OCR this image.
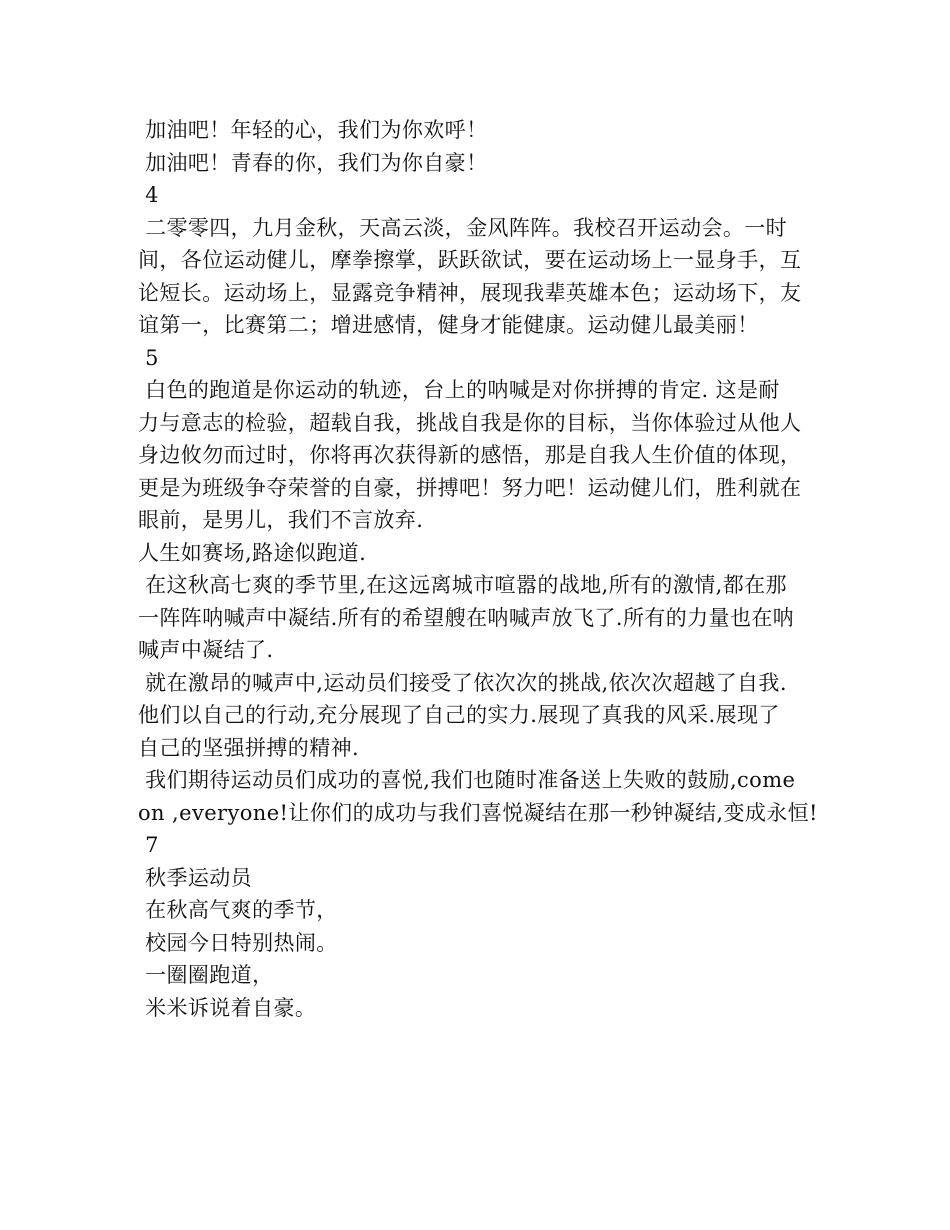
加油吧！年轻的心，我们为你欢呼！
加油吧！青春的你，我们为你自豪！
4
二零零四，九月金秋，天高云淡，金风阵阵。我校召开运动会。一时
间，各位运动健儿，摩拳擦掌，跃跃欲试，要在运动场上一显身手，互
论短长。运动场上，显露竞争精神，展现我辈英雄本色；运动场下，友
谊第一，比赛第二；增进感情，健身才能健康。运动健儿最美丽！
5
白色的跑道是你运动的轨迹，台上的呐喊是对你拼搏的肯定. 这是耐
力与意志的检验，超载自我，挑战自我是你的目标，当你体验过从他人
身边攸勿而过时，你将再次获得新的感悟，那是自我人生价值的体现，
更是为班级争夺荣誉的自豪，拼搏吧！努力吧！运动健儿们，胜利就在
眼前，是男儿，我们不言放弃.
人生如赛场,路途似跑道.
在这秋高七爽的季节里,在这远离城市喧嚣的战地,所有的激情,都在那
一阵阵呐喊声中凝结.所有的希望艘在呐喊声放飞了.所有的力量也在呐
喊声中凝结了.
就在激昂的喊声中,运动员们接受了依次次的挑战,依次次超越了自我.
他们以自己的行动,充分展现了自己的实力.展现了真我的风采.展现了
自己的坚强拼搏的精神.
我们期待运动员们成功的喜悦,我们也随时准备送上失败的鼓励,come
on ,everyone!让你们的成功与我们喜悦凝结在那一秒钟凝结,变成永恒!
7
秋季运动员
在秋高气爽的季节，
校园今日特别热闹。
一圈圈跑道，
米米诉说着自豪。
